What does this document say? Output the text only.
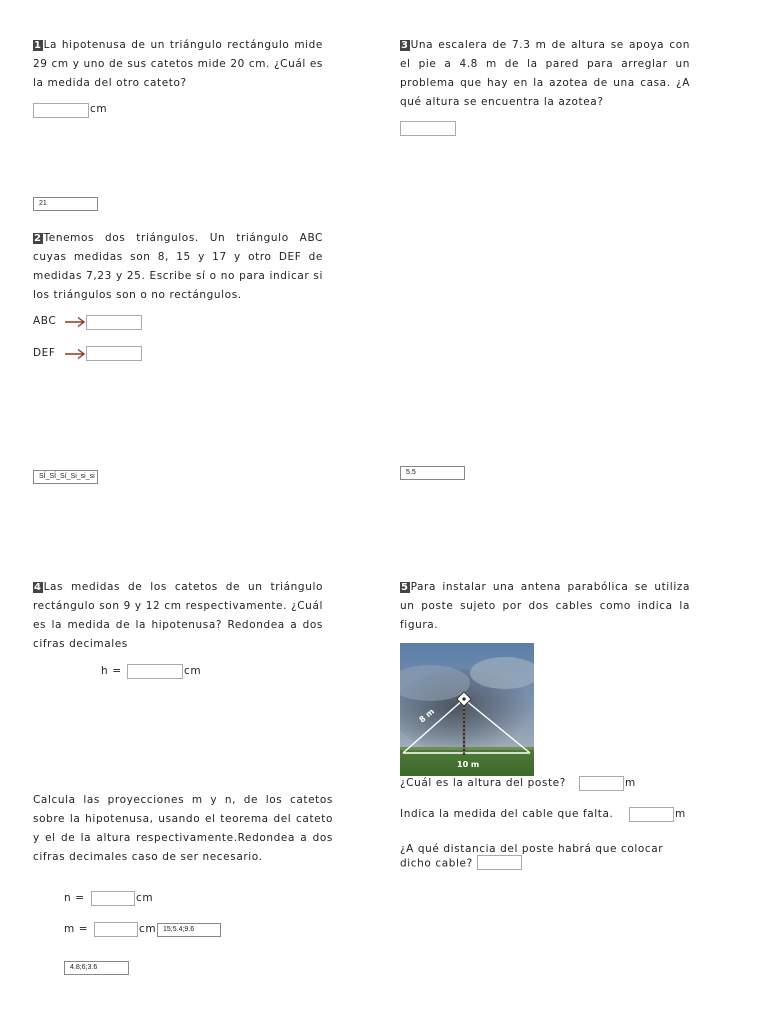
1 La hipotenusa de un triángulo rectángulo mide 29 cm y uno de sus catetos mide 20 cm. ¿Cuál es la medida del otro cateto?
cm
21
2 Tenemos dos triángulos. Un triángulo ABC cuyas medidas son 8, 15 y 17 y otro DEF de medidas 7,23 y 25. Escribe sí o no para indicar si los triángulos son o no rectángulos.
ABC
DEF
SÍ_SÍ_Sí_Si_si_si
3 Una escalera de 7.3 m de altura se apoya con el pie a 4.8 m de la pared para arreglar un problema que hay en la azotea de una casa. ¿A qué altura se encuentra la azotea?
5.5
4 Las medidas de los catetos de un triángulo rectángulo son 9 y 12 cm respectivamente. ¿Cuál es la medida de la hipotenusa? Redondea a dos cifras decimales
h =	cm
Calcula las proyecciones m y n, de los catetos sobre la hipotenusa, usando el teorema del cateto y el de la altura respectivamente.Redondea a dos cifras decimales caso de ser necesario.
n =	cm
m =	cm 15;5.4;9.6
4.8;6;3.6
5 Para instalar una antena parabólica se utiliza un poste sujeto por dos cables como indica la figura.
8 m
10 m
¿Cuál es la altura del poste?	m
Indica la medida del cable que falta.	m
¿A qué distancia del poste habrá que colocar dicho cable?
